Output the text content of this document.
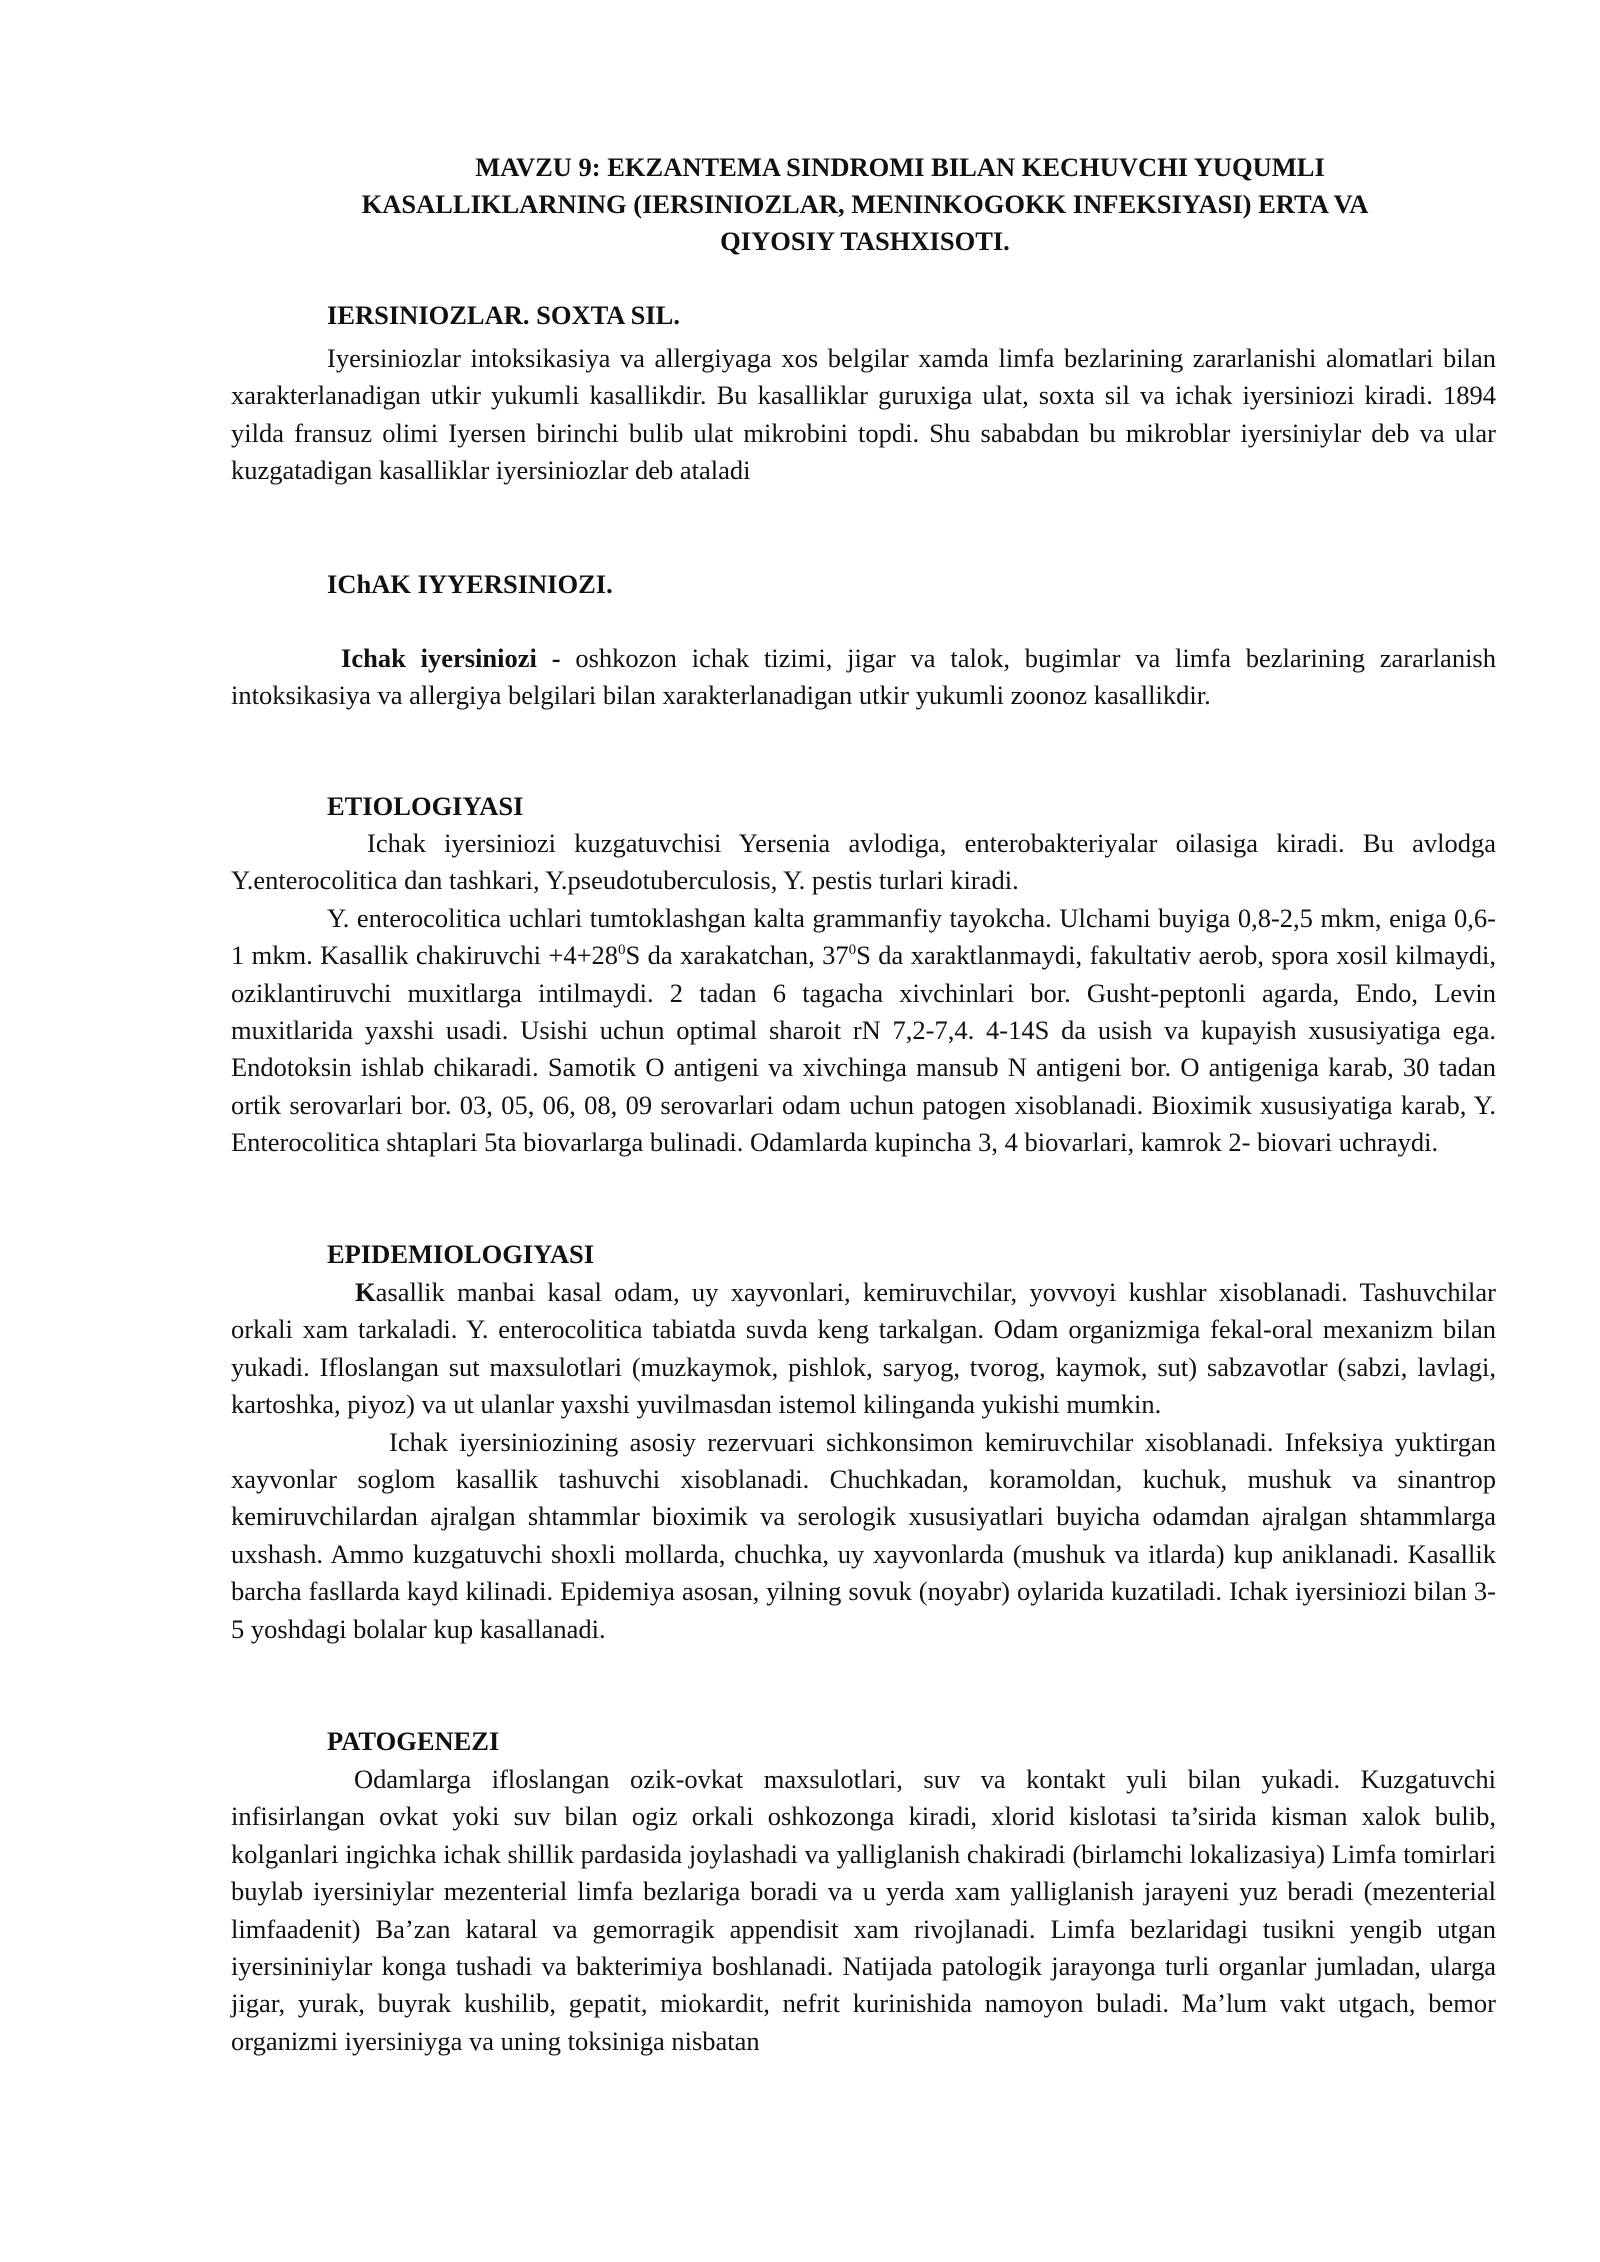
MAVZU 9: EKZANTEMA SINDROMI BILAN KECHUVCHI YUQUMLI
KASALLIKLARNING (IERSINIOZLAR, MENINKOGOKK INFEKSIYASI) ERTA VA
QIYOSIY TASHXISOTI.
IERSINIOZLAR. SOXTA SIL.

Iyersiniozlar intoksikasiya va allergiyaga xos belgilar xamda limfa bezlarining zararlanishi alomatlari bilan xarakterlanadigan utkir yukumli kasallikdir. Bu kasalliklar guruxiga ulat, soxta sil va ichak iyersiniozi kiradi. 1894 yilda fransuz olimi Iyersen birinchi bulib ulat mikrobini topdi. Shu sababdan bu mikroblar iyersiniylar deb va ular kuzgatadigan kasalliklar iyersiniozlar deb ataladi

IChAK IYYERSINIOZI.

Ichak iyersiniozi - oshkozon ichak tizimi, jigar va talok, bugimlar va limfa bezlarining zararlanish intoksikasiya va allergiya belgilari bilan xarakterlanadigan utkir yukumli zoonoz kasallikdir.

ETIOLOGIYASI

Ichak iyersiniozi kuzgatuvchisi Yersenia avlodiga, enterobakteriyalar oilasiga kiradi. Bu avlodga Y.enterocolitica dan tashkari, Y.pseudotuberculosis, Y. pestis turlari kiradi.

Y. enterocolitica uchlari tumtoklashgan kalta grammanfiy tayokcha. Ulchami buyiga 0,8-2,5 mkm, eniga 0,6-1 mkm. Kasallik chakiruvchi $+4+28^0S$ da xarakatchan, $37^0S$ da xaraktlanmaydi, fakultativ aerob, spora xosil kilmaydi, oziklantiruvchi muxitlarga intilmaydi. 2 tadan 6 tagacha xivchinlari bor. Gusht-peptonli agarda, Endo, Levin muxitlarida yaxshi usadi. Usishi uchun optimal sharoit rN 7,2-7,4. 4-14S da usish va kupayish xususiyatiga ega. Endotoksin ishlab chikaradi. Samotik O antigeni va xivchinga mansub N antigeni bor. O antigeniga karab, 30 tadan ortik serovarlari bor. 03, 05, 06, 08, 09 serovarlari odam uchun patogen xisoblanadi. Bioximik xususiyatiga karab, Y. Enterocolitica shtaplari 5ta biovarlarga bulinadi. Odamlarda kupincha 3, 4 biovarlari, kamrok 2- biovari uchraydi.

EPIDEMIOLOGIYASI

Kasallik manbai kasal odam, uy xayvonlari, kemiruvchilar, yovvoyi kushlar xisoblanadi. Tashuvchilar orkali xam tarkaladi. Y. enterocolitica tabiatda suvda keng tarkalgan. Odam organizmiga fekal-oral mexanizm bilan yukadi. Ifloslangan sut maxsulotlari (muzkaymok, pishlok, saryog, tvorog, kaymok, sut) sabzavotlar (sabzi, lavlagi, kartoshka, piyoz) va ut ulanlar yaxshi yuvilmasdan istemol kilinganda yukishi mumkin.

Ichak iyersiniozining asosiy rezervuari sichkonsimon kemiruvchilar xisoblanadi. Infeksiya yuktirgan xayvonlar soglom kasallik tashuvchi xisoblanadi. Chuchkadan, koramoldan, kuchuk, mushuk va sinantrop kemiruvchilardan ajralgan shtammlar bioximik va serologik xususiyatlari buyicha odamdan ajralgan shtammlarga uxshash. Ammo kuzgatuvchi shoxli mollarda, chuchka, uy xayvonlarda (mushuk va itlarda) kup aniklanadi. Kasallik barcha fasllarda kayd kilinadi. Epidemiya asosan, yilning sovuk (noyabr) oylarida kuzatiladi. Ichak iyersiniozi bilan 3-5 yoshdagi bolalar kup kasallanadi.

PATOGENEZI

Odamlarga ifloslangan ozik-ovkat maxsulotlari, suv va kontakt yuli bilan yukadi. Kuzgatuvchi infisirlangan ovkat yoki suv bilan ogiz orkali oshkozonga kiradi, xlorid kislotasi ta’sirida kisman xalok bulib, kolganlari ingichka ichak shillik pardasida joylashadi va yalliglanish chakiradi (birlamchi lokalizasiya) Limfa tomirlari buylab iyersiniylar mezenterial limfa bezlariga boradi va u yerda xam yalliglanish jarayeni yuz beradi (mezenterial limfaadenit) Ba’zan kataral va gemorragik appendisit xam rivojlanadi. Limfa bezlaridagi tusikni yengib utgan iyersininiylar konga tushadi va bakterimiya boshlanadi. Natijada patologik jarayonga turli organlar jumladan, ularga jigar, yurak, buyrak kushilib, gepatit, miokardit, nefrit kurinishida namoyon buladi. Ma’lum vakt utgach, bemor organizmi iyersiniyga va uning toksiniga nisbatan
